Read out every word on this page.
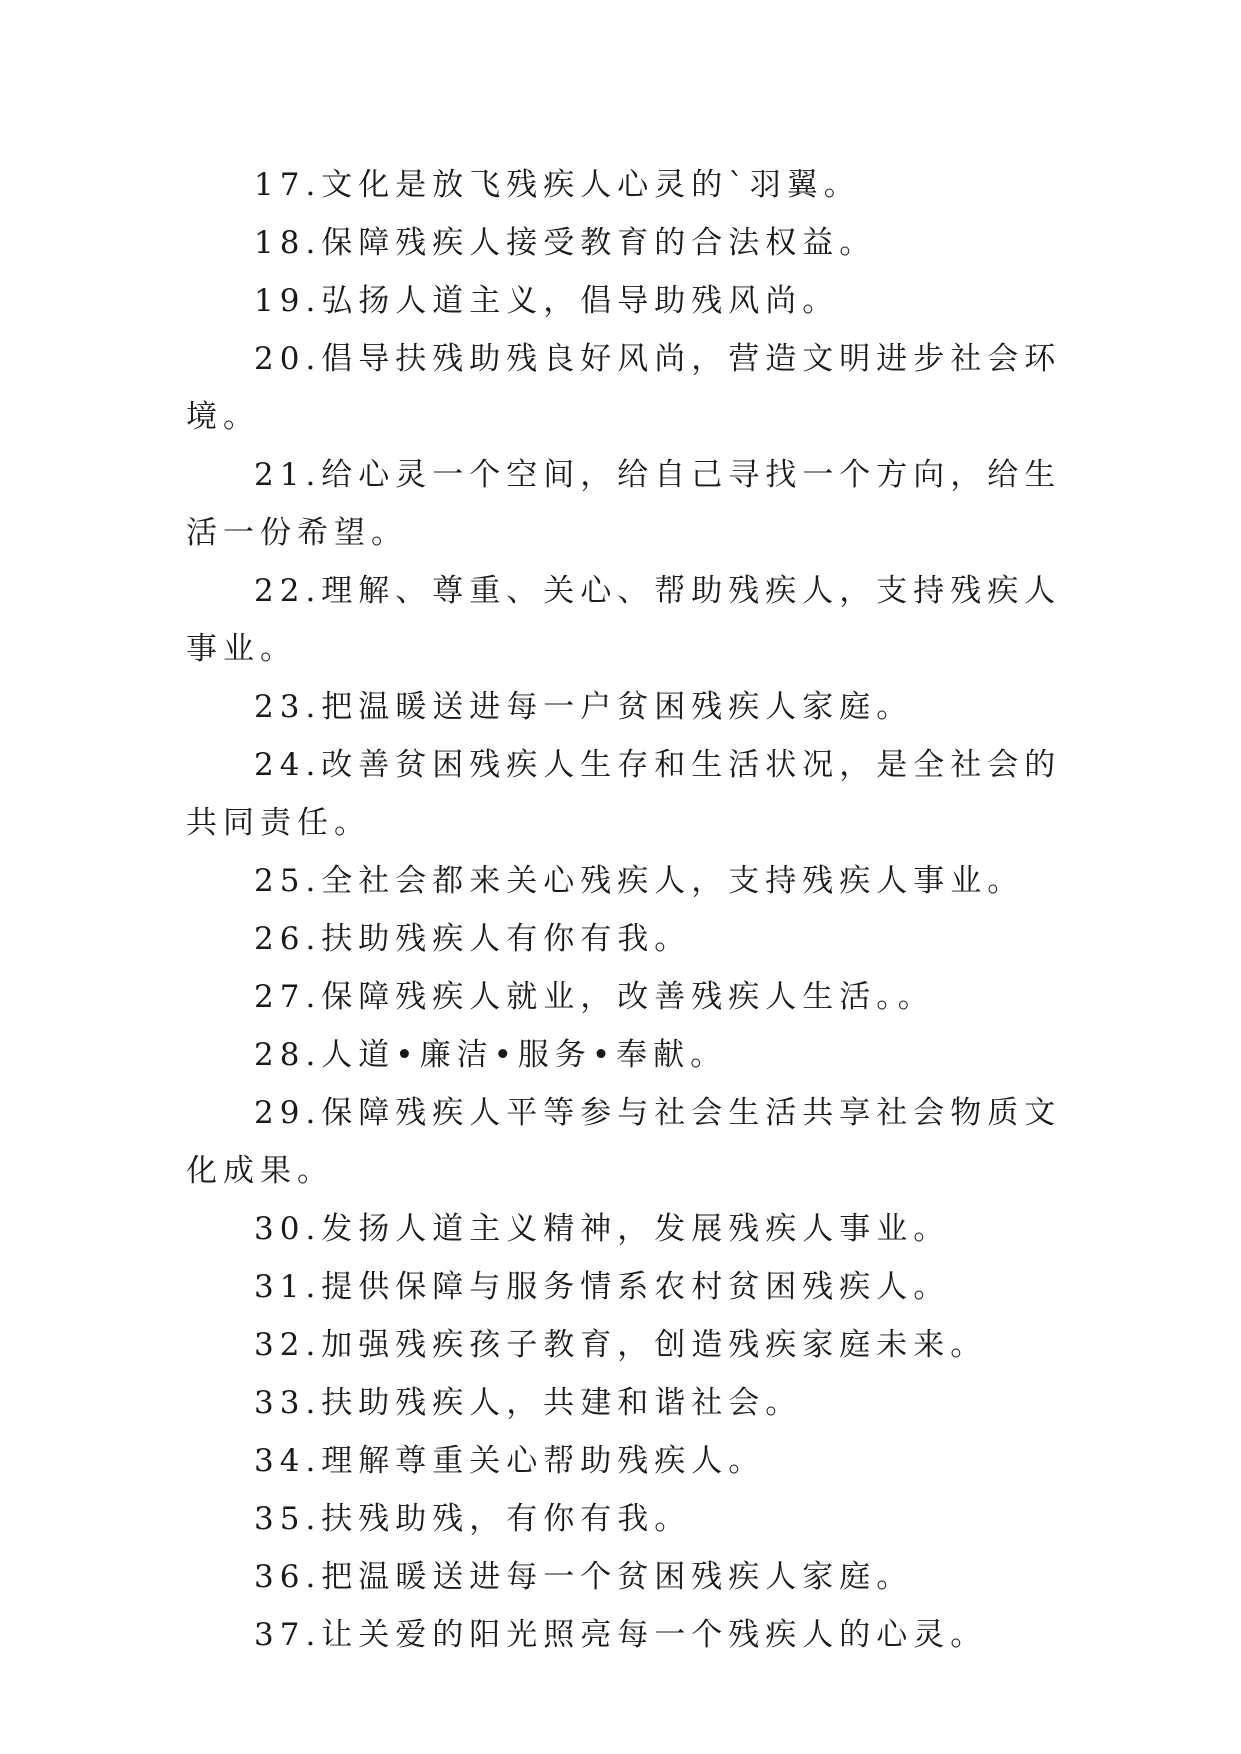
17.文化是放飞残疾人心灵的`羽翼。

18.保障残疾人接受教育的合法权益。

19.弘扬人道主义，倡导助残风尚。

20.倡导扶残助残良好风尚，营造文明进步社会环境。

21.给心灵一个空间，给自己寻找一个方向，给生活一份希望。

22.理解、尊重、关心、帮助残疾人，支持残疾人事业。

23.把温暖送进每一户贫困残疾人家庭。

24.改善贫困残疾人生存和生活状况，是全社会的共同责任。

25.全社会都来关心残疾人，支持残疾人事业。

26.扶助残疾人有你有我。

27.保障残疾人就业，改善残疾人生活。。

28.人道•廉洁•服务•奉献。

29.保障残疾人平等参与社会生活共享社会物质文化成果。

30.发扬人道主义精神，发展残疾人事业。

31.提供保障与服务情系农村贫困残疾人。

32.加强残疾孩子教育，创造残疾家庭未来。

33.扶助残疾人，共建和谐社会。

34.理解尊重关心帮助残疾人。

35.扶残助残，有你有我。

36.把温暖送进每一个贫困残疾人家庭。

37.让关爱的阳光照亮每一个残疾人的心灵。
